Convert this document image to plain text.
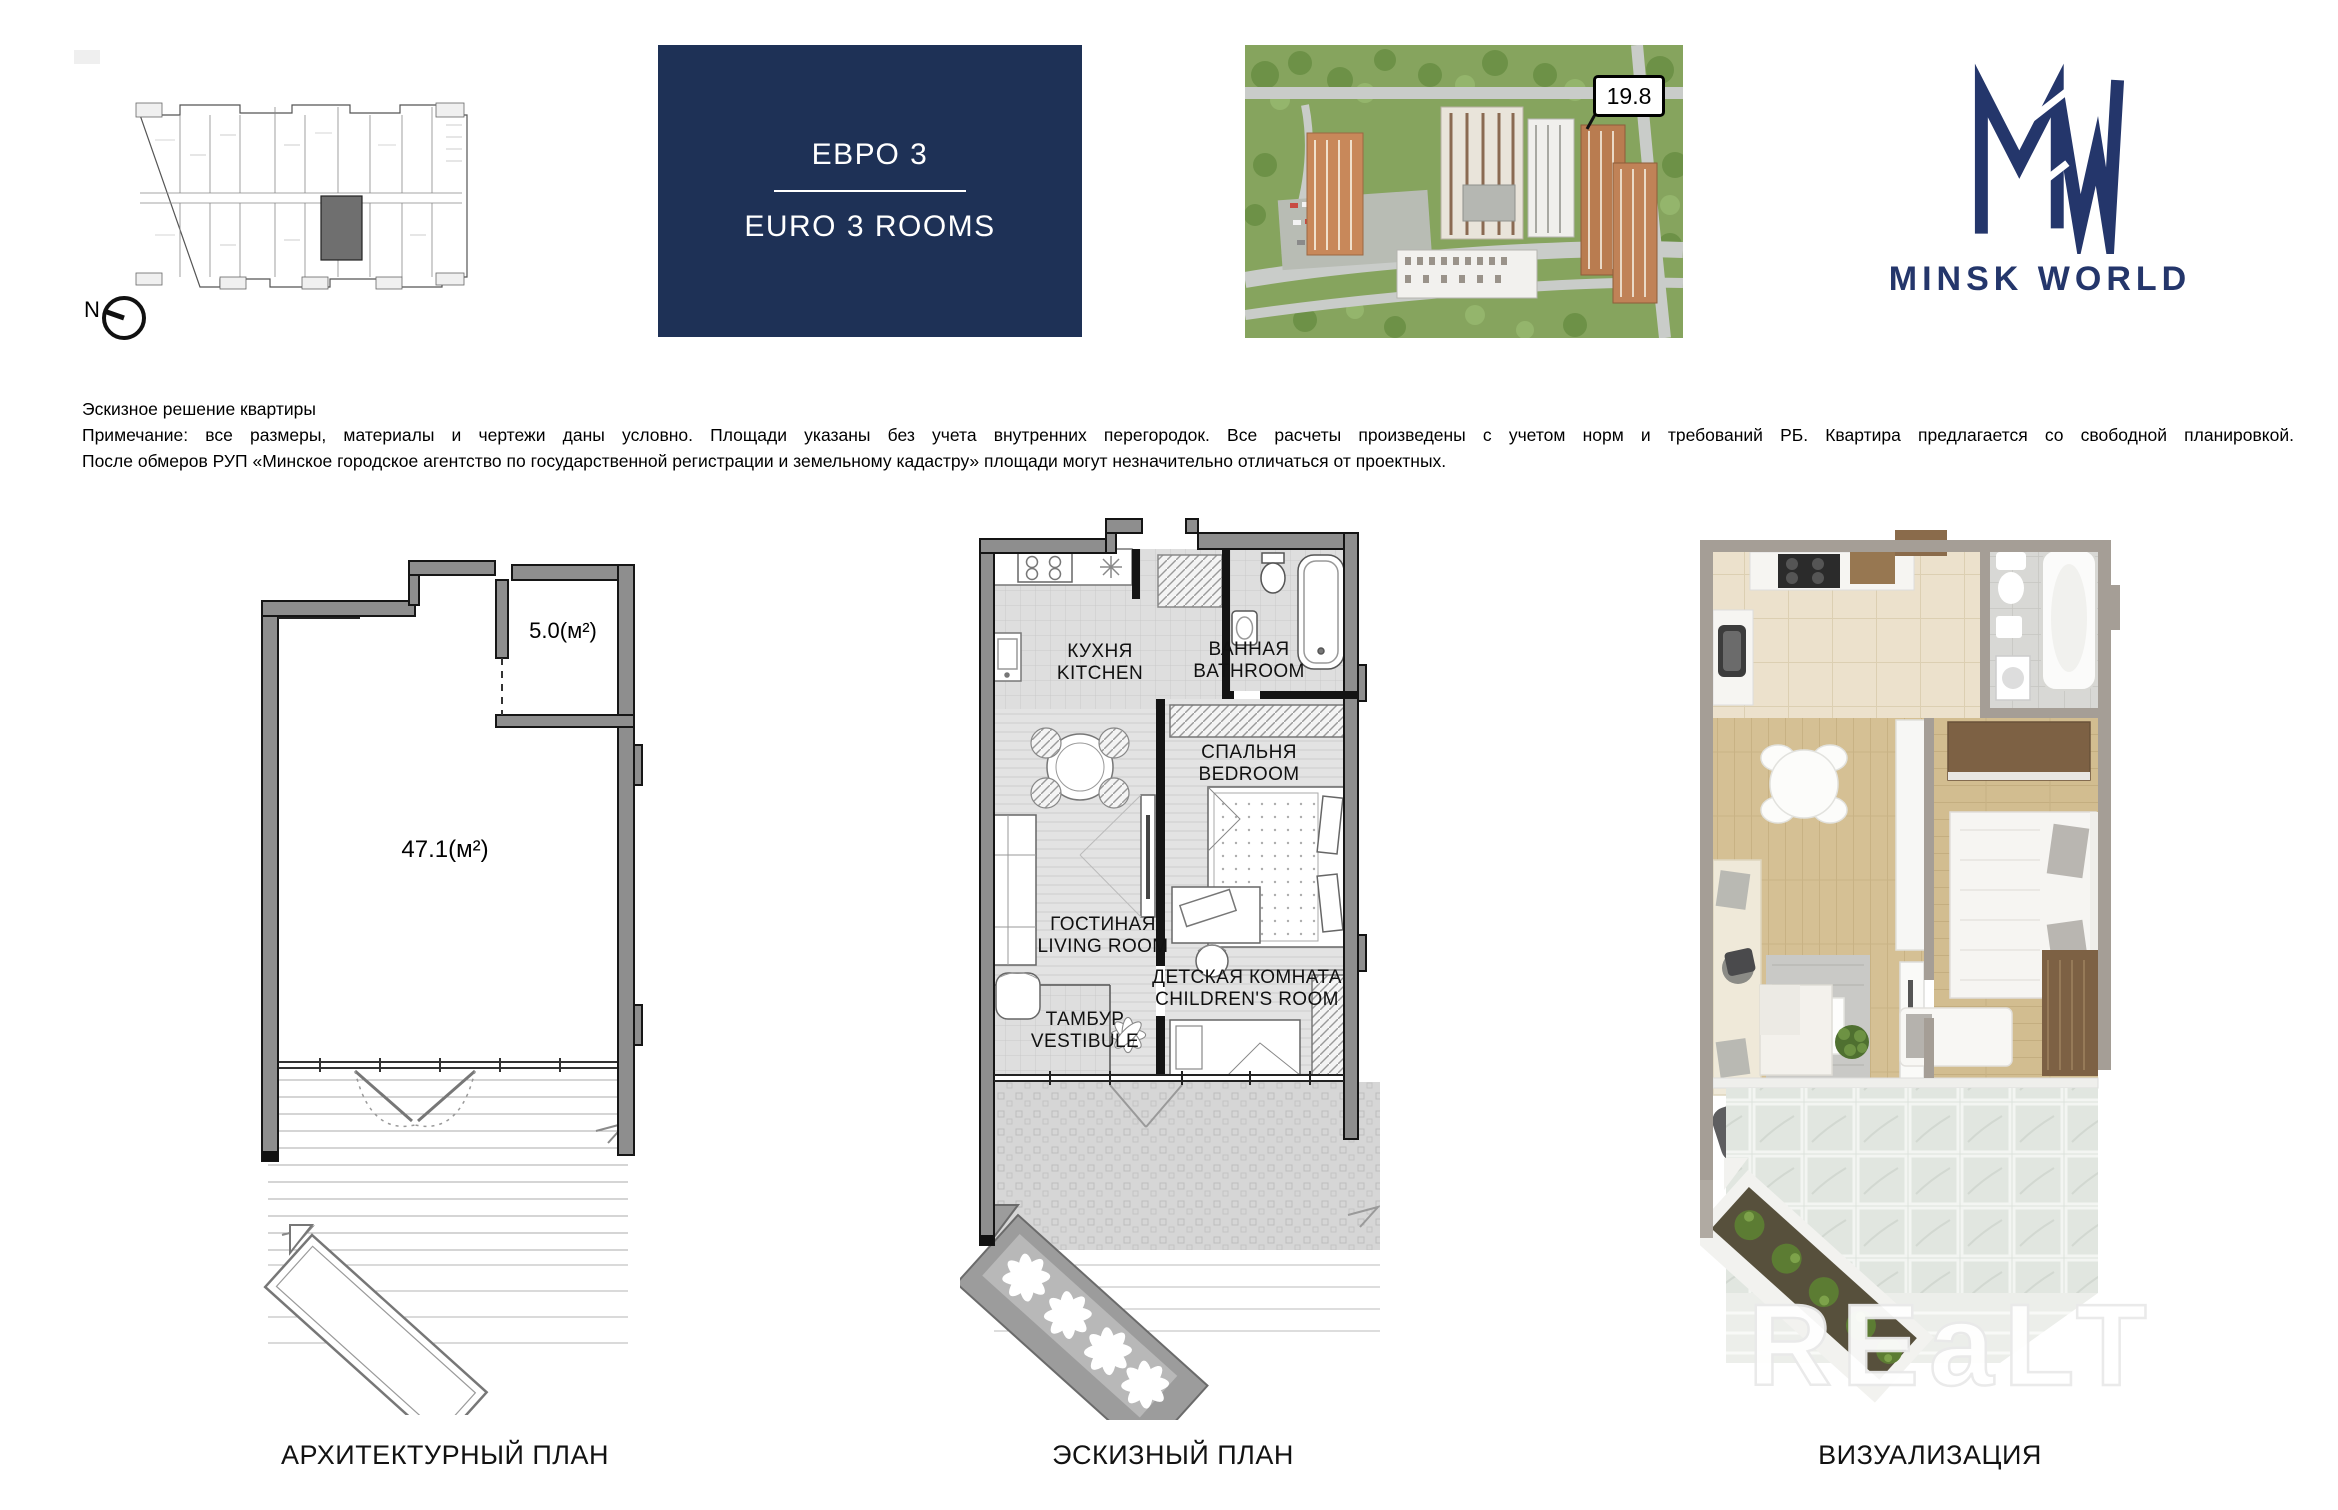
N
ЕВРО 3
EURO 3 ROOMS
19.8
MINSK WORLD
Эскизное решение квартиры
Примечание: все размеры, материалы и чертежи даны условно. Площади указаны без учета внутренних перегородок. Все расчеты произведены с учетом норм и требований РБ. Квартира предлагается со свободной планировкой.
После обмеров РУП «Минское городское агентство по государственной регистрации и земельному кадастру» площади могут незначительно отличаться от проектных.
5.0(м²)
47.1(м²)
КУХНЯ
KITCHEN
ВАННАЯ
BATHROOM
СПАЛЬНЯ
BEDROOM
ГОСТИНАЯ
LIVING ROOM
ДЕТСКАЯ КОМНАТА
CHILDREN'S ROOM
ТАМБУР
VESTIBULE
АРХИТЕКТУРНЫЙ ПЛАН	ЭСКИЗНЫЙ ПЛАН	ВИЗУАЛИЗАЦИЯ
REaLT
